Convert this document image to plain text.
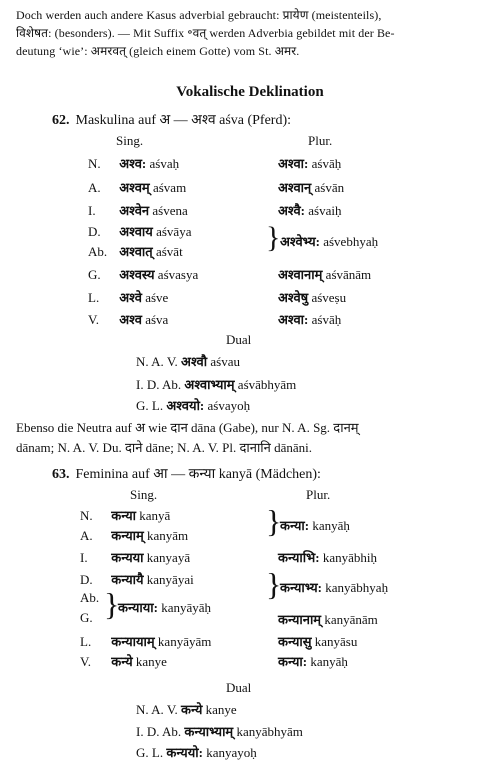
Doch werden auch andere Kasus adverbial gebraucht: प्रायेण (meistenteils),
विशेषत: (besonders). — Mit Suffix ॰वत् werden Adverbia gebildet mit der Be-
deutung ‘wie’: अमरवत् (gleich einem Gotte) vom St. अमर.
Vokalische Deklination
62. Maskulina auf अ — अश्व aśva (Pferd):
Sing.	Plur.
N. अश्व: aśvaḥ
A. अश्वम् aśvam
I. अश्वेन aśvena
D. अश्वाय aśvāya
Ab. अश्वात् aśvāt
G. अश्वस्य aśvasya
L. अश्वे aśve
V. अश्व aśva
अश्वा: aśvāḥ
अश्वान् aśvān
अश्वै: aśvaiḥ
} अश्वेभ्य: aśvebhyaḥ
अश्वानाम् aśvānām
अश्वेषु aśveṣu
अश्वा: aśvāḥ
Dual
N. A. V. अश्वौ aśvau
I. D. Ab. अश्वाभ्याम् aśvābhyām
G. L. अश्वयो: aśvayoḥ
Ebenso die Neutra auf अ wie दान dāna (Gabe), nur N. A. Sg. दानम्
dānam; N. A. V. Du. दाने dāne; N. A. V. Pl. दानानि dānāni.
63. Feminina auf आ — कन्या kanyā (Mädchen):
Sing.	Plur.
N. कन्या kanyā
A. कन्याम् kanyām
I. कन्यया kanyayā
D. कन्यायै kanyāyai
Ab.
G. }
कन्याया: kanyāyāḥ
L. कन्यायाम् kanyāyām
V. कन्ये kanye
}
कन्या: kanyāḥ
कन्याभि: kanyābhiḥ
}
कन्याभ्य: kanyābhyaḥ
कन्यानाम् kanyānām
कन्यासु kanyāsu
कन्या: kanyāḥ
Dual
N. A. V. कन्ये kanye
I. D. Ab. कन्याभ्याम् kanyābhyām
G. L. कन्ययो: kanyayoḥ
